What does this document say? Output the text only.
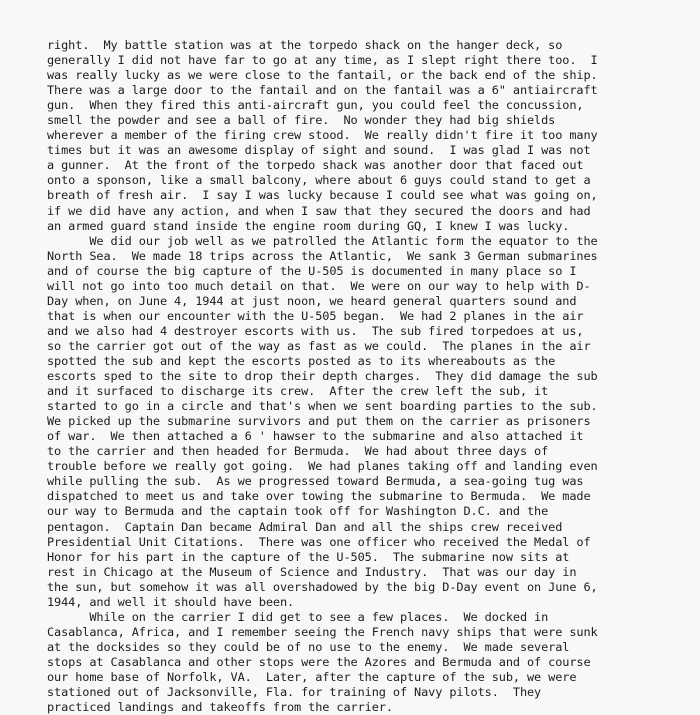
right.  My battle station was at the torpedo shack on the hanger deck, so
generally I did not have far to go at any time, as I slept right there too.  I
was really lucky as we were close to the fantail, or the back end of the ship.
There was a large door to the fantail and on the fantail was a 6" antiaircraft
gun.  When they fired this anti-aircraft gun, you could feel the concussion,
smell the powder and see a ball of fire.  No wonder they had big shields
wherever a member of the firing crew stood.  We really didn't fire it too many
times but it was an awesome display of sight and sound.  I was glad I was not
a gunner.  At the front of the torpedo shack was another door that faced out
onto a sponson, like a small balcony, where about 6 guys could stand to get a
breath of fresh air.  I say I was lucky because I could see what was going on,
if we did have any action, and when I saw that they secured the doors and had
an armed guard stand inside the engine room during GQ, I knew I was lucky.
We did our job well as we patrolled the Atlantic form the equator to the
North Sea.  We made 18 trips across the Atlantic,  We sank 3 German submarines
and of course the big capture of the U-505 is documented in many place so I
will not go into too much detail on that.  We were on our way to help with D-
Day when, on June 4, 1944 at just noon, we heard general quarters sound and
that is when our encounter with the U-505 began.  We had 2 planes in the air
and we also had 4 destroyer escorts with us.  The sub fired torpedoes at us,
so the carrier got out of the way as fast as we could.  The planes in the air
spotted the sub and kept the escorts posted as to its whereabouts as the
escorts sped to the site to drop their depth charges.  They did damage the sub
and it surfaced to discharge its crew.  After the crew left the sub, it
started to go in a circle and that's when we sent boarding parties to the sub.
We picked up the submarine survivors and put them on the carrier as prisoners
of war.  We then attached a 6 ' hawser to the submarine and also attached it
to the carrier and then headed for Bermuda.  We had about three days of
trouble before we really got going.  We had planes taking off and landing even
while pulling the sub.  As we progressed toward Bermuda, a sea-going tug was
dispatched to meet us and take over towing the submarine to Bermuda.  We made
our way to Bermuda and the captain took off for Washington D.C. and the
pentagon.  Captain Dan became Admiral Dan and all the ships crew received
Presidential Unit Citations.  There was one officer who received the Medal of
Honor for his part in the capture of the U-505.  The submarine now sits at
rest in Chicago at the Museum of Science and Industry.  That was our day in
the sun, but somehow it was all overshadowed by the big D-Day event on June 6,
1944, and well it should have been.
While on the carrier I did get to see a few places.  We docked in
Casablanca, Africa, and I remember seeing the French navy ships that were sunk
at the docksides so they could be of no use to the enemy.  We made several
stops at Casablanca and other stops were the Azores and Bermuda and of course
our home base of Norfolk, VA.  Later, after the capture of the sub, we were
stationed out of Jacksonville, Fla. for training of Navy pilots.  They
practiced landings and takeoffs from the carrier.
